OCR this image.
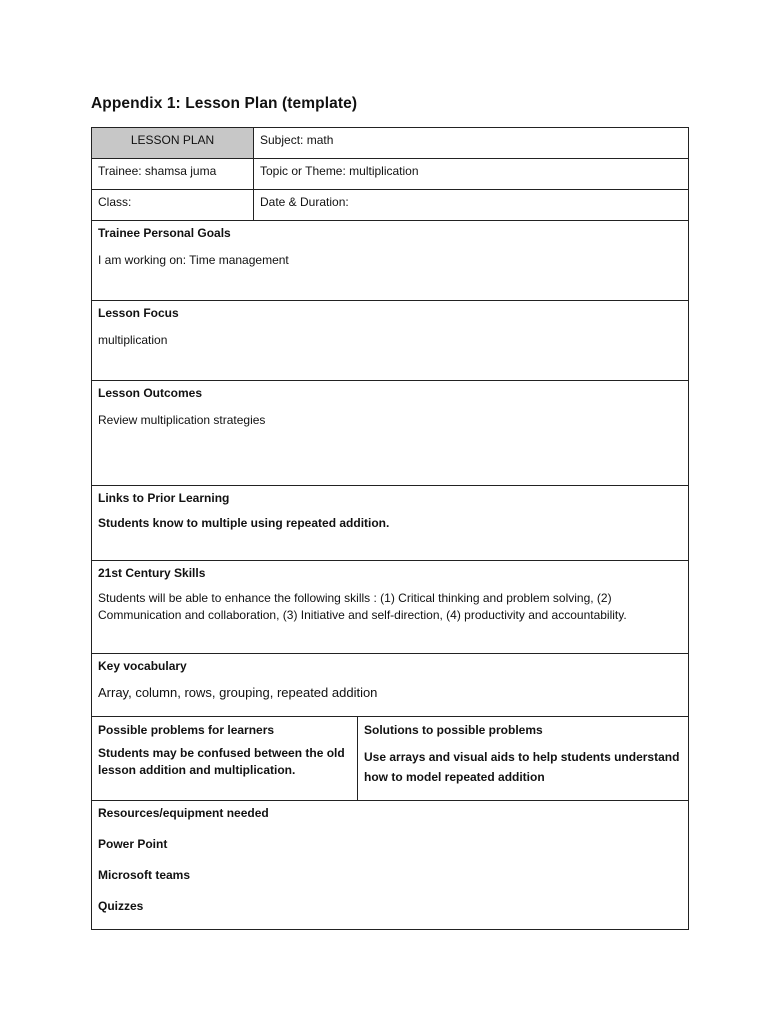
Appendix 1: Lesson Plan (template)
LESSON PLAN	Subject: math
Trainee: shamsa juma	Topic or Theme: multiplication
Class:	Date & Duration:
Trainee Personal Goals
I am working on: Time management
Lesson Focus
multiplication
Lesson Outcomes
Review multiplication strategies
Links to Prior Learning
Students know to multiple using repeated addition.
21st Century Skills
Students will be able to enhance the following skills : (1) Critical thinking and problem solving, (2) Communication and collaboration, (3) Initiative and self-direction, (4) productivity and accountability.
Key vocabulary
Array, column, rows, grouping, repeated addition
Possible problems for learners
Students may be confused between the old lesson addition and multiplication.
Solutions to possible problems
Use arrays and visual aids to help students understand how to model repeated addition
Resources/equipment needed
Power Point
Microsoft teams
Quizzes
